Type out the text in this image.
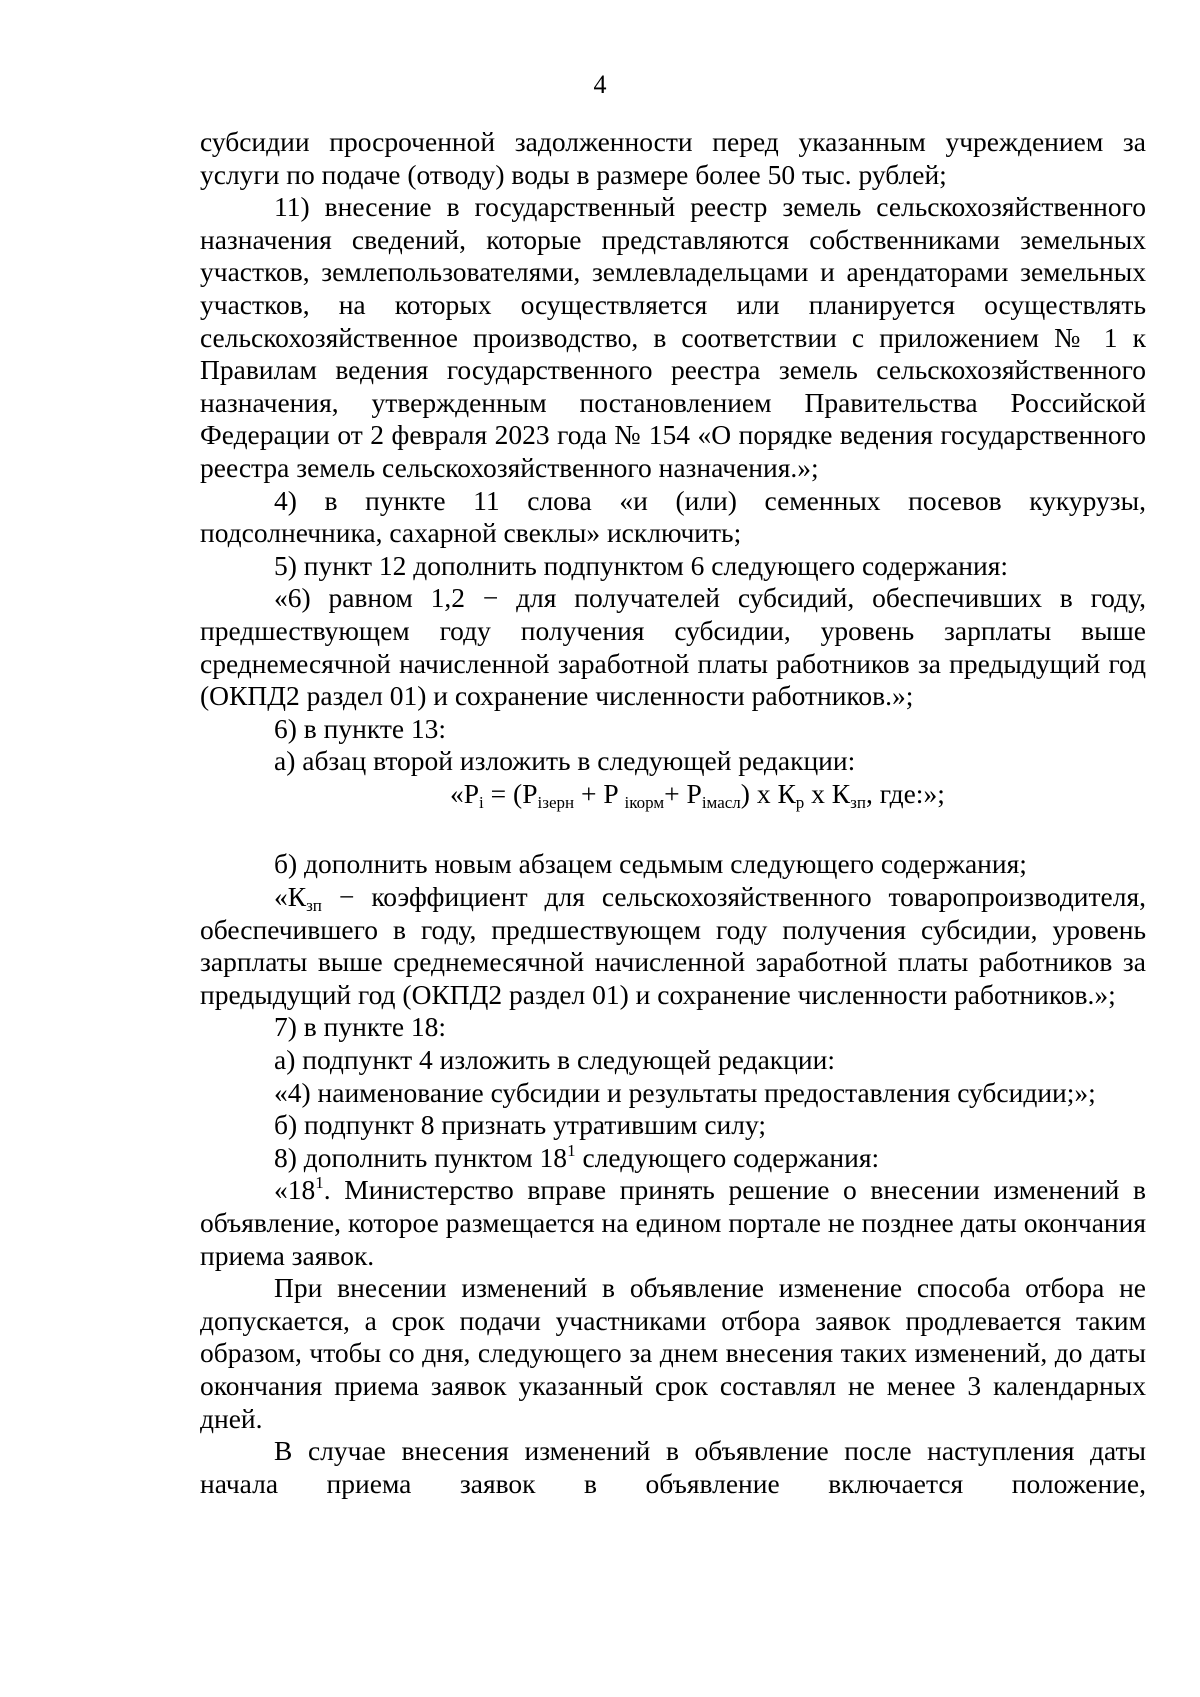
4

субсидии просроченной задолженности перед указанным учреждением за услуги по подаче (отводу) воды в размере более 50 тыс. рублей;

11) внесение в государственный реестр земель сельскохозяйственного назначения сведений, которые представляются собственниками земельных участков, землепользователями, землевладельцами и арендаторами земельных участков, на которых осуществляется или планируется осуществлять сельскохозяйственное производство, в соответствии с приложением № 1 к Правилам ведения государственного реестра земель сельскохозяйственного назначения, утвержденным постановлением Правительства Российской Федерации от 2 февраля 2023 года № 154 «О порядке ведения государственного реестра земель сельскохозяйственного назначения.»;

4) в пункте 11 слова «и (или) семенных посевов кукурузы, подсолнечника, сахарной свеклы» исключить;

5) пункт 12 дополнить подпунктом 6 следующего содержания:

«6) равном 1,2 − для получателей субсидий, обеспечивших в году, предшествующем году получения субсидии, уровень зарплаты выше среднемесячной начисленной заработной платы работников за предыдущий год (ОКПД2 раздел 01) и сохранение численности работников.»;

6) в пункте 13:

а) абзац второй изложить в следующей редакции:

«$P_i = (P_{iзерн} + P$ $_{iкорм}+ P_{iмасл}$) х $К_р$ х $К_{зп}$, где:»;

б) дополнить новым абзацем седьмым следующего содержания;

«$К_{зп}$ − коэффициент для сельскохозяйственного товаропроизводителя, обеспечившего в году, предшествующем году получения субсидии, уровень зарплаты выше среднемесячной начисленной заработной платы работников за предыдущий год (ОКПД2 раздел 01) и сохранение численности работников.»;

7) в пункте 18:

а) подпункт 4 изложить в следующей редакции:

«4) наименование субсидии и результаты предоставления субсидии;»;

б) подпункт 8 признать утратившим силу;

8) дополнить пунктом $18^1$ следующего содержания:

«$18^1$. Министерство вправе принять решение о внесении изменений в объявление, которое размещается на едином портале не позднее даты окончания приема заявок.

При внесении изменений в объявление изменение способа отбора не допускается, а срок подачи участниками отбора заявок продлевается таким образом, чтобы со дня, следующего за днем внесения таких изменений, до даты окончания приема заявок указанный срок составлял не менее 3 календарных дней.

В случае внесения изменений в объявление после наступления даты начала приема заявок в объявление включается положение,
